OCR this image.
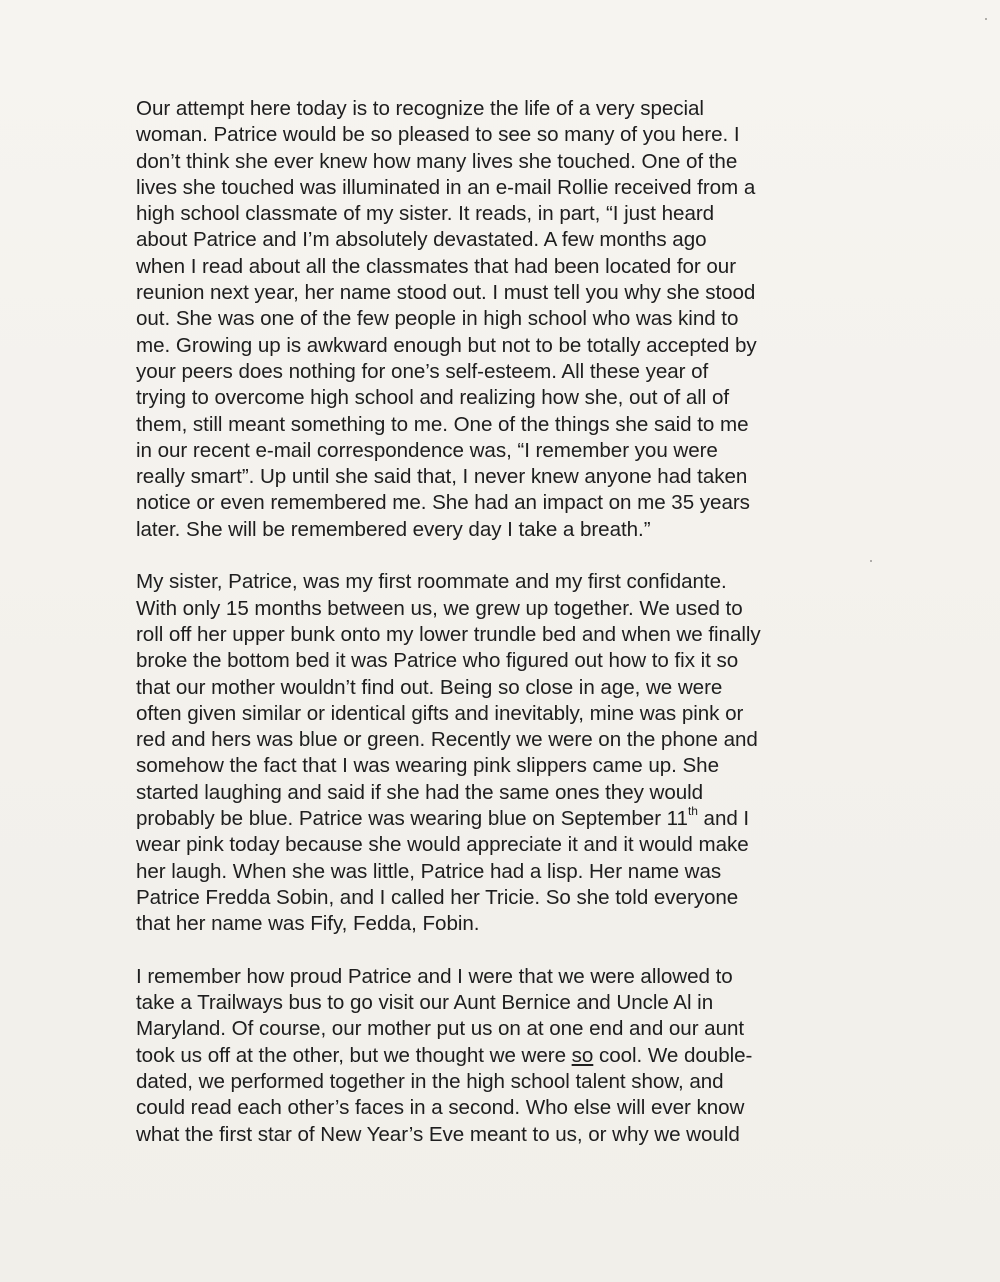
Our attempt here today is to recognize the life of a very special
woman. Patrice would be so pleased to see so many of you here. I
don’t think she ever knew how many lives she touched. One of the
lives she touched was illuminated in an e-mail Rollie received from a
high school classmate of my sister. It reads, in part, “I just heard
about Patrice and I’m absolutely devastated. A few months ago
when I read about all the classmates that had been located for our
reunion next year, her name stood out. I must tell you why she stood
out. She was one of the few people in high school who was kind to
me. Growing up is awkward enough but not to be totally accepted by
your peers does nothing for one’s self-esteem. All these year of
trying to overcome high school and realizing how she, out of all of
them, still meant something to me. One of the things she said to me
in our recent e-mail correspondence was, “I remember you were
really smart”. Up until she said that, I never knew anyone had taken
notice or even remembered me. She had an impact on me 35 years
later. She will be remembered every day I take a breath.”
My sister, Patrice, was my first roommate and my first confidante.
With only 15 months between us, we grew up together. We used to
roll off her upper bunk onto my lower trundle bed and when we finally
broke the bottom bed it was Patrice who figured out how to fix it so
that our mother wouldn’t find out. Being so close in age, we were
often given similar or identical gifts and inevitably, mine was pink or
red and hers was blue or green. Recently we were on the phone and
somehow the fact that I was wearing pink slippers came up. She
started laughing and said if she had the same ones they would
probably be blue. Patrice was wearing blue on September 11th and I
wear pink today because she would appreciate it and it would make
her laugh. When she was little, Patrice had a lisp. Her name was
Patrice Fredda Sobin, and I called her Tricie. So she told everyone
that her name was Fify, Fedda, Fobin.
I remember how proud Patrice and I were that we were allowed to
take a Trailways bus to go visit our Aunt Bernice and Uncle Al in
Maryland. Of course, our mother put us on at one end and our aunt
took us off at the other, but we thought we were so cool. We double-
dated, we performed together in the high school talent show, and
could read each other’s faces in a second. Who else will ever know
what the first star of New Year’s Eve meant to us, or why we would
